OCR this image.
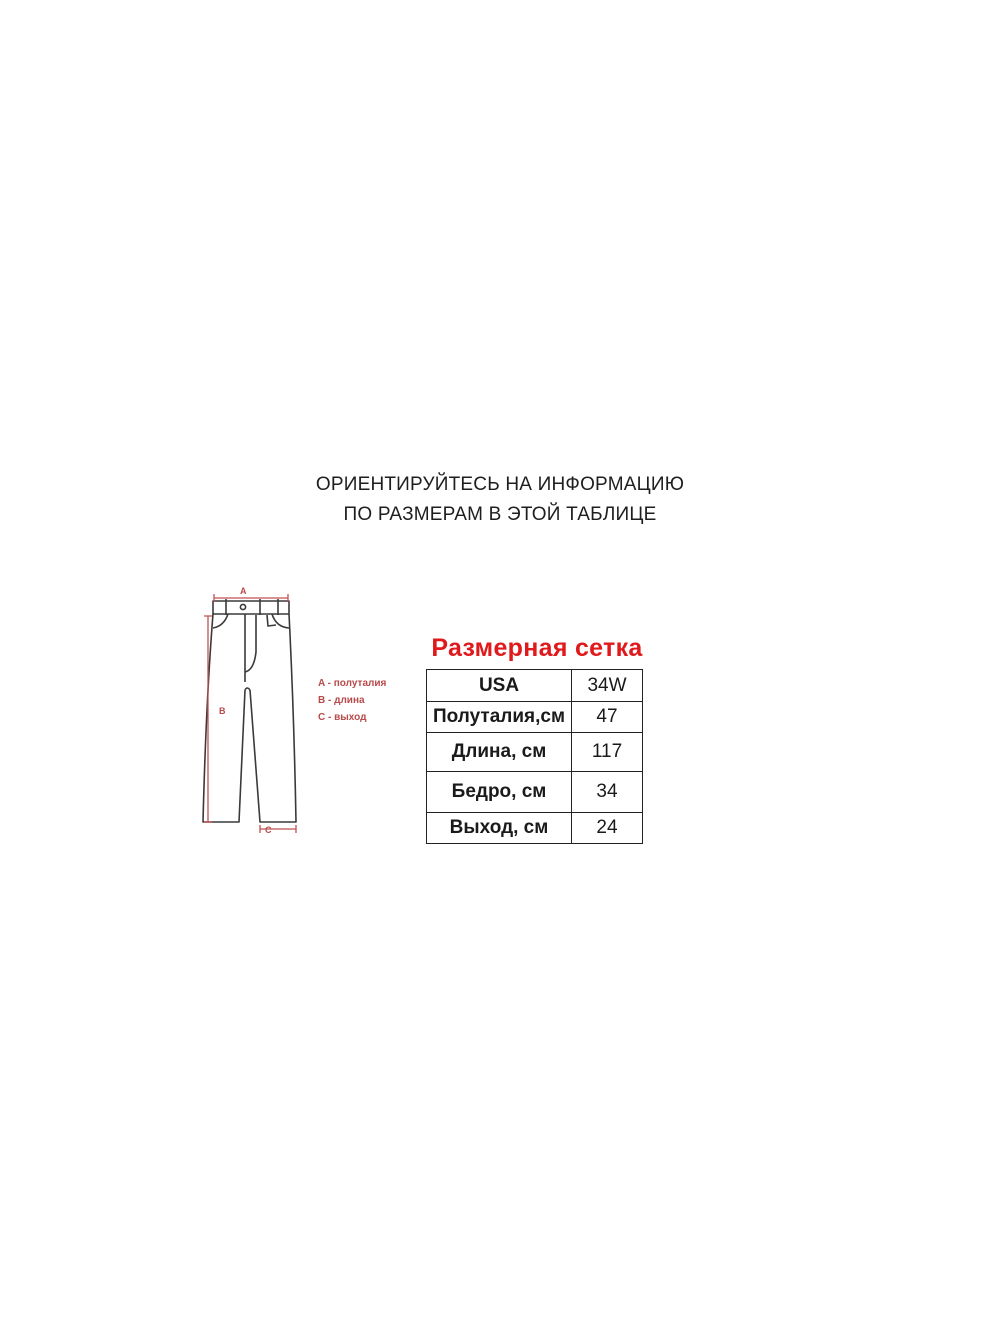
ОРИЕНТИРУЙТЕСЬ НА ИНФОРМАЦИЮ
ПО РАЗМЕРАМ В ЭТОЙ ТАБЛИЦЕ
A
B
C
A - полуталия
B - длина
C - выход
Размерная сетка
USA	34W
Полуталия,см	47
Длина, см	117
Бедро, см	34
Выход, см	24
